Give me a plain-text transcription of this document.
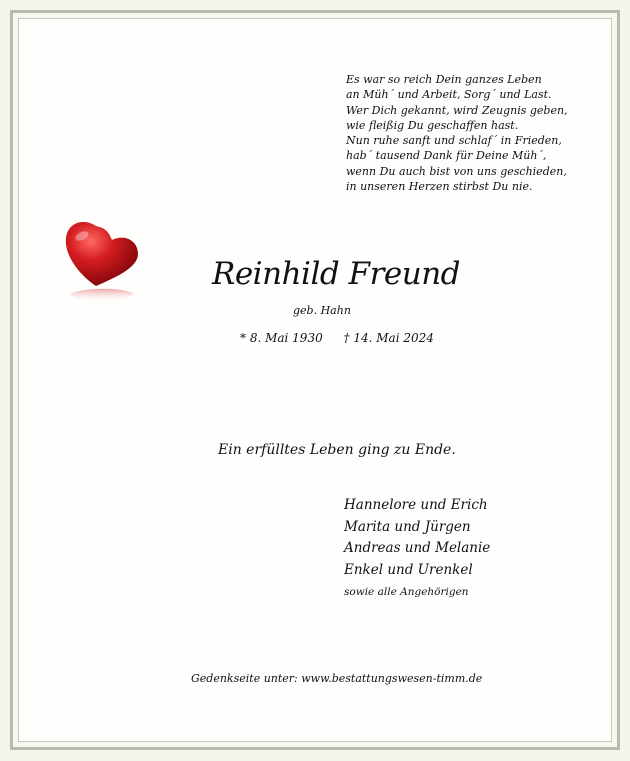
Es war so reich Dein ganzes Leben
an Müh´ und Arbeit, Sorg´ und Last.
Wer Dich gekannt, wird Zeugnis geben,
wie fleißig Du geschaffen hast.
Nun ruhe sanft und schlaf´ in Frieden,
hab´ tausend Dank für Deine Müh´,
wenn Du auch bist von uns geschieden,
in unseren Herzen stirbst Du nie.
Reinhild Freund
geb. Hahn
* 8. Mai 1930 † 14. Mai 2024
Ein erfülltes Leben ging zu Ende.
Hannelore und Erich
Marita und Jürgen
Andreas und Melanie
Enkel und Urenkel
sowie alle Angehörigen
Gedenkseite unter: www.bestattungswesen-timm.de
